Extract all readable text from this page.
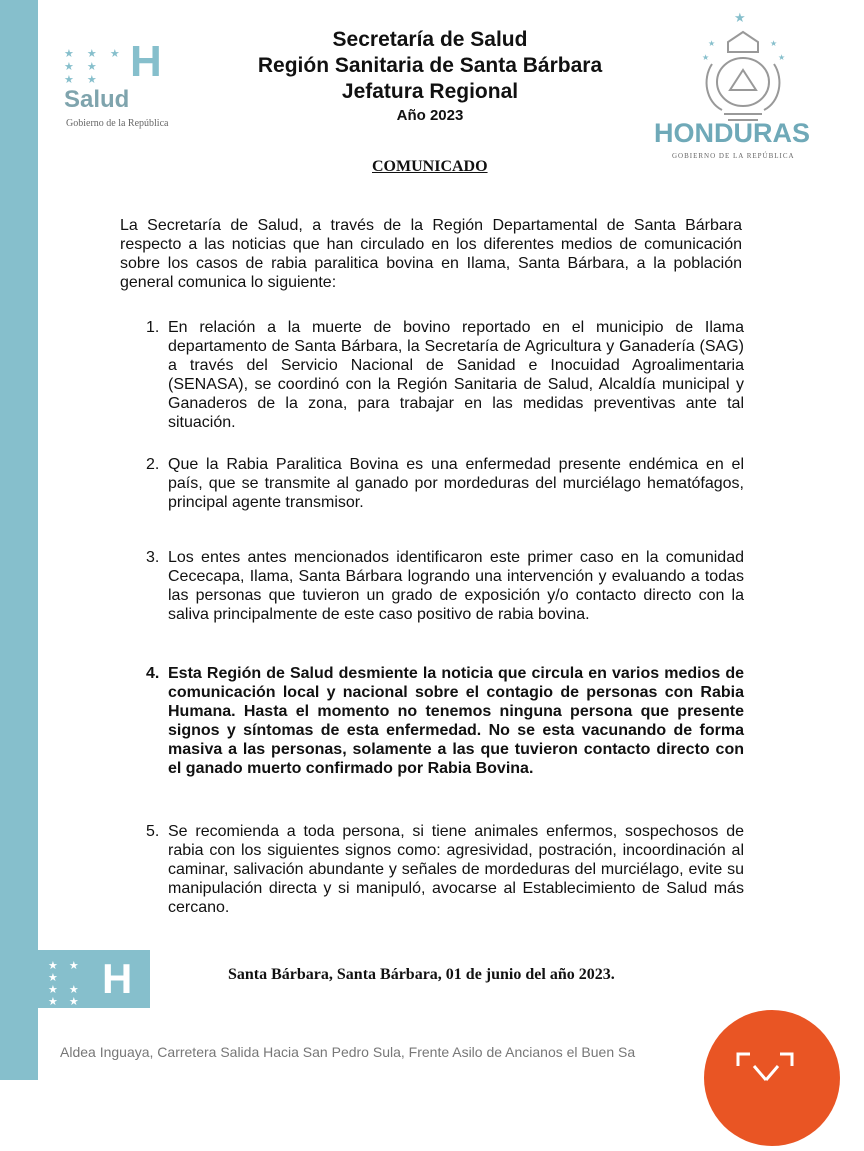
★ ★ ★
★ ★
★ ★ H
Salud
Gobierno de la República
Secretaría de Salud
Región Sanitaria de Santa Bárbara
Jefatura Regional
Año 2023
★
★	★
★	★
HONDURAS
GOBIERNO DE LA REPÚBLICA
COMUNICADO
La Secretaría de Salud, a través de la Región Departamental de Santa Bárbara respecto a las noticias que han circulado en los diferentes medios de comunicación sobre los casos de rabia paralitica bovina en Ilama, Santa Bárbara, a la población general comunica lo siguiente:
1. En relación a la muerte de bovino reportado en el municipio de Ilama departamento de Santa Bárbara, la Secretaría de Agricultura y Ganadería (SAG) a través del Servicio Nacional de Sanidad e Inocuidad Agroalimentaria (SENASA), se coordinó con la Región Sanitaria de Salud, Alcaldía municipal y Ganaderos de la zona, para trabajar en las medidas preventivas ante tal situación.
2. Que la Rabia Paralitica Bovina es una enfermedad presente endémica en el país, que se transmite al ganado por mordeduras del murciélago hematófagos, principal agente transmisor.
3. Los entes antes mencionados identificaron este primer caso en la comunidad Cececapa, Ilama, Santa Bárbara logrando una intervención y evaluando a todas las personas que tuvieron un grado de exposición y/o contacto directo con la saliva principalmente de este caso positivo de rabia bovina.
4. Esta Región de Salud desmiente la noticia que circula en varios medios de comunicación local y nacional sobre el contagio de personas con Rabia Humana. Hasta el momento no tenemos ninguna persona que presente signos y síntomas de esta enfermedad. No se esta vacunando de forma masiva a las personas, solamente a las que tuvieron contacto directo con el ganado muerto confirmado por Rabia Bovina.
5. Se recomienda a toda persona, si tiene animales enfermos, sospechosos de rabia con los siguientes signos como: agresividad, postración, incoordinación al caminar, salivación abundante y señales de mordeduras del murciélago, evite su manipulación directa y si manipuló, avocarse al Establecimiento de Salud más cercano.
★ ★ ★
★ ★
★ ★ H	Santa Bárbara, Santa Bárbara, 01 de junio del año 2023.
Aldea Inguaya, Carretera Salida Hacia San Pedro Sula, Frente Asilo de Ancianos el Buen Sa
